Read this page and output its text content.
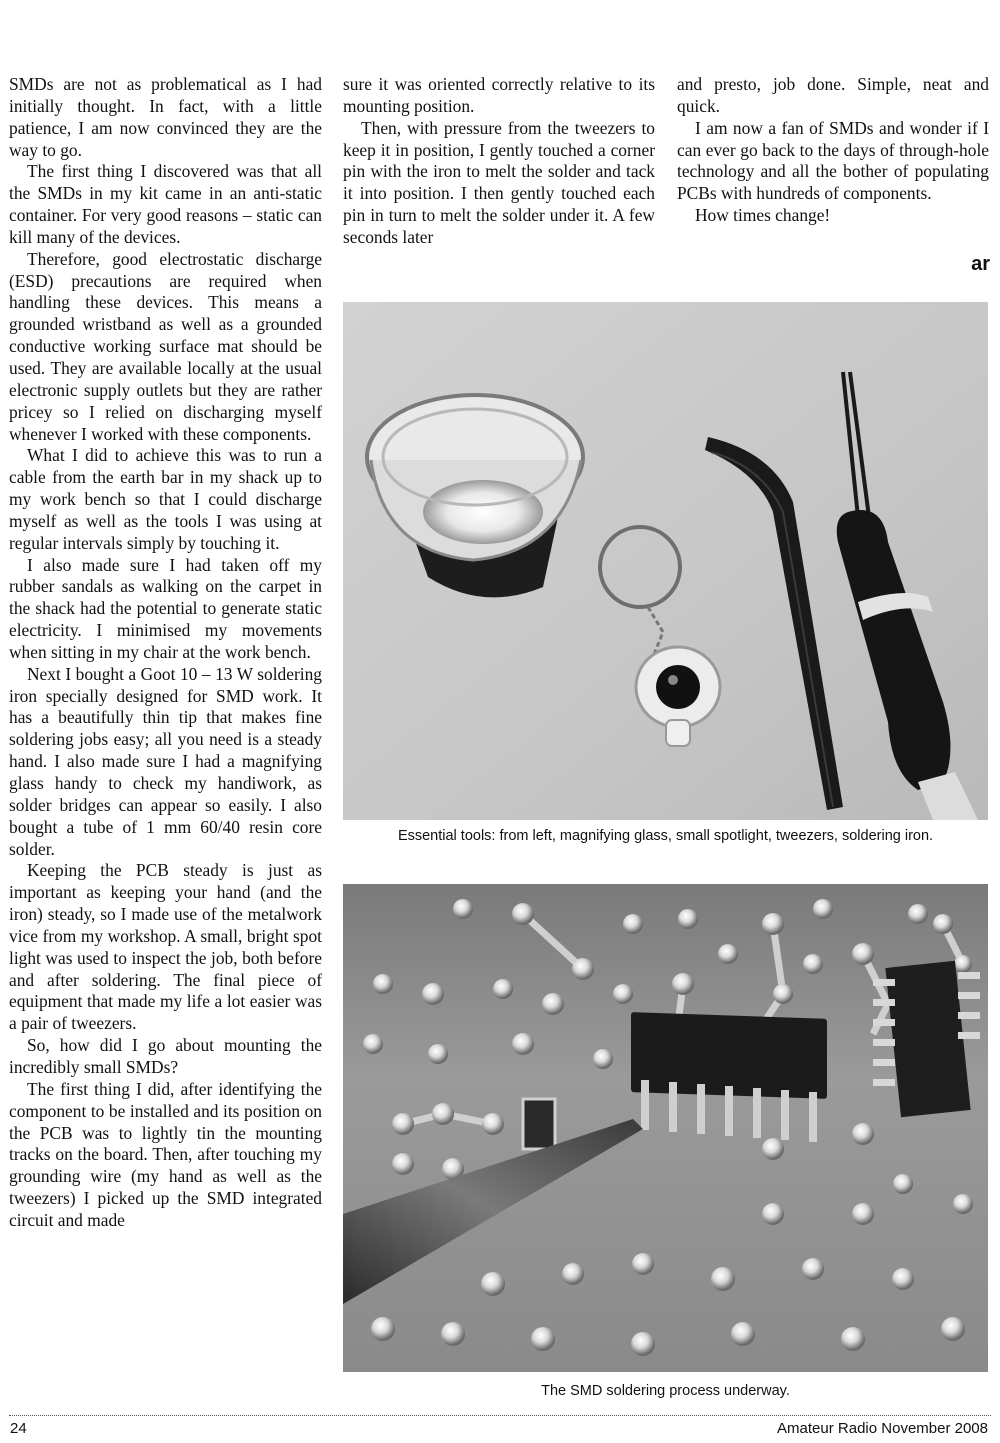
SMDs are not as problematical as I had initially thought. In fact, with a little patience, I am now convinced they are the way to go.

The first thing I discovered was that all the SMDs in my kit came in an anti-static container. For very good reasons – static can kill many of the devices.

Therefore, good electrostatic discharge (ESD) precautions are required when handling these devices. This means a grounded wristband as well as a grounded conductive working surface mat should be used. They are available locally at the usual electronic supply outlets but they are rather pricey so I relied on discharging myself whenever I worked with these components.

What I did to achieve this was to run a cable from the earth bar in my shack up to my work bench so that I could discharge myself as well as the tools I was using at regular intervals simply by touching it.

I also made sure I had taken off my rubber sandals as walking on the carpet in the shack had the potential to generate static electricity. I minimised my movements when sitting in my chair at the work bench.

Next I bought a Goot 10 – 13 W soldering iron specially designed for SMD work. It has a beautifully thin tip that makes fine soldering jobs easy; all you need is a steady hand. I also made sure I had a magnifying glass handy to check my handiwork, as solder bridges can appear so easily. I also bought a tube of 1 mm 60/40 resin core solder.

Keeping the PCB steady is just as important as keeping your hand (and the iron) steady, so I made use of the metalwork vice from my workshop. A small, bright spot light was used to inspect the job, both before and after soldering. The final piece of equipment that made my life a lot easier was a pair of tweezers.

So, how did I go about mounting the incredibly small SMDs?

The first thing I did, after identifying the component to be installed and its position on the PCB was to lightly tin the mounting tracks on the board. Then, after touching my grounding wire (my hand as well as the tweezers) I picked up the SMD integrated circuit and made

sure it was oriented correctly relative to its mounting position.

Then, with pressure from the tweezers to keep it in position, I gently touched a corner pin with the iron to melt the solder and tack it into position. I then gently touched each pin in turn to melt the solder under it. A few seconds later

and presto, job done. Simple, neat and quick.

I am now a fan of SMDs and wonder if I can ever go back to the days of through-hole technology and all the bother of populating PCBs with hundreds of components.

How times change!

ar
Essential tools: from left, magnifying glass, small spotlight, tweezers, soldering iron.
The SMD soldering process underway.
24	Amateur Radio November 2008
